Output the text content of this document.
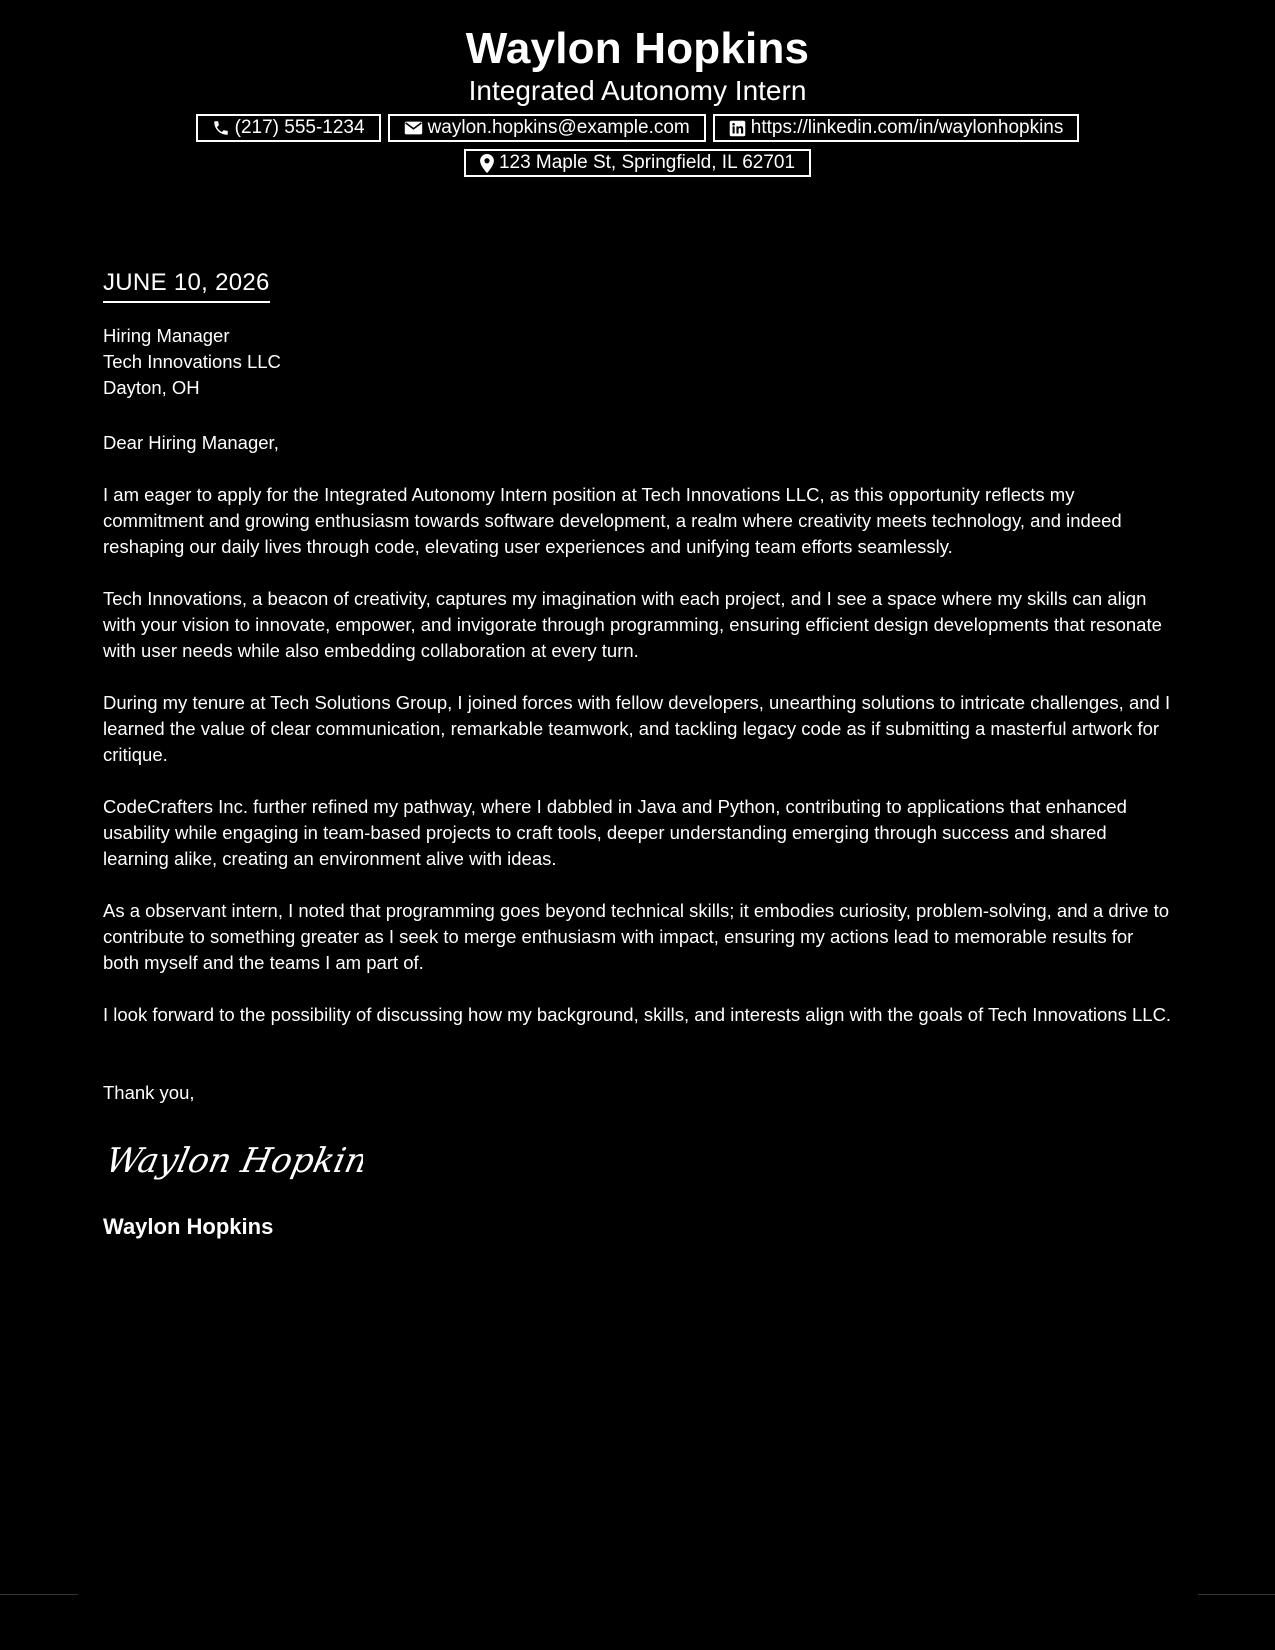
Waylon Hopkins
Integrated Autonomy Intern
(217) 555-1234	waylon.hopkins@example.com	https://linkedin.com/in/waylonhopkins
123 Maple St, Springfield, IL 62701
JUNE 10, 2026
Hiring Manager
Tech Innovations LLC
Dayton, OH
Dear Hiring Manager,
I am eager to apply for the Integrated Autonomy Intern position at Tech Innovations LLC, as this opportunity reflects my commitment and growing enthusiasm towards software development, a realm where creativity meets technology, and indeed reshaping our daily lives through code, elevating user experiences and unifying team efforts seamlessly.
Tech Innovations, a beacon of creativity, captures my imagination with each project, and I see a space where my skills can align with your vision to innovate, empower, and invigorate through programming, ensuring efficient design developments that resonate with user needs while also embedding collaboration at every turn.
During my tenure at Tech Solutions Group, I joined forces with fellow developers, unearthing solutions to intricate challenges, and I learned the value of clear communication, remarkable teamwork, and tackling legacy code as if submitting a masterful artwork for critique.
CodeCrafters Inc. further refined my pathway, where I dabbled in Java and Python, contributing to applications that enhanced usability while engaging in team-based projects to craft tools, deeper understanding emerging through success and shared learning alike, creating an environment alive with ideas.
As a observant intern, I noted that programming goes beyond technical skills; it embodies curiosity, problem-solving, and a drive to contribute to something greater as I seek to merge enthusiasm with impact, ensuring my actions lead to memorable results for both myself and the teams I am part of.
I look forward to the possibility of discussing how my background, skills, and interests align with the goals of Tech Innovations LLC.
Thank you,
Waylon Hopkins
Waylon Hopkins
